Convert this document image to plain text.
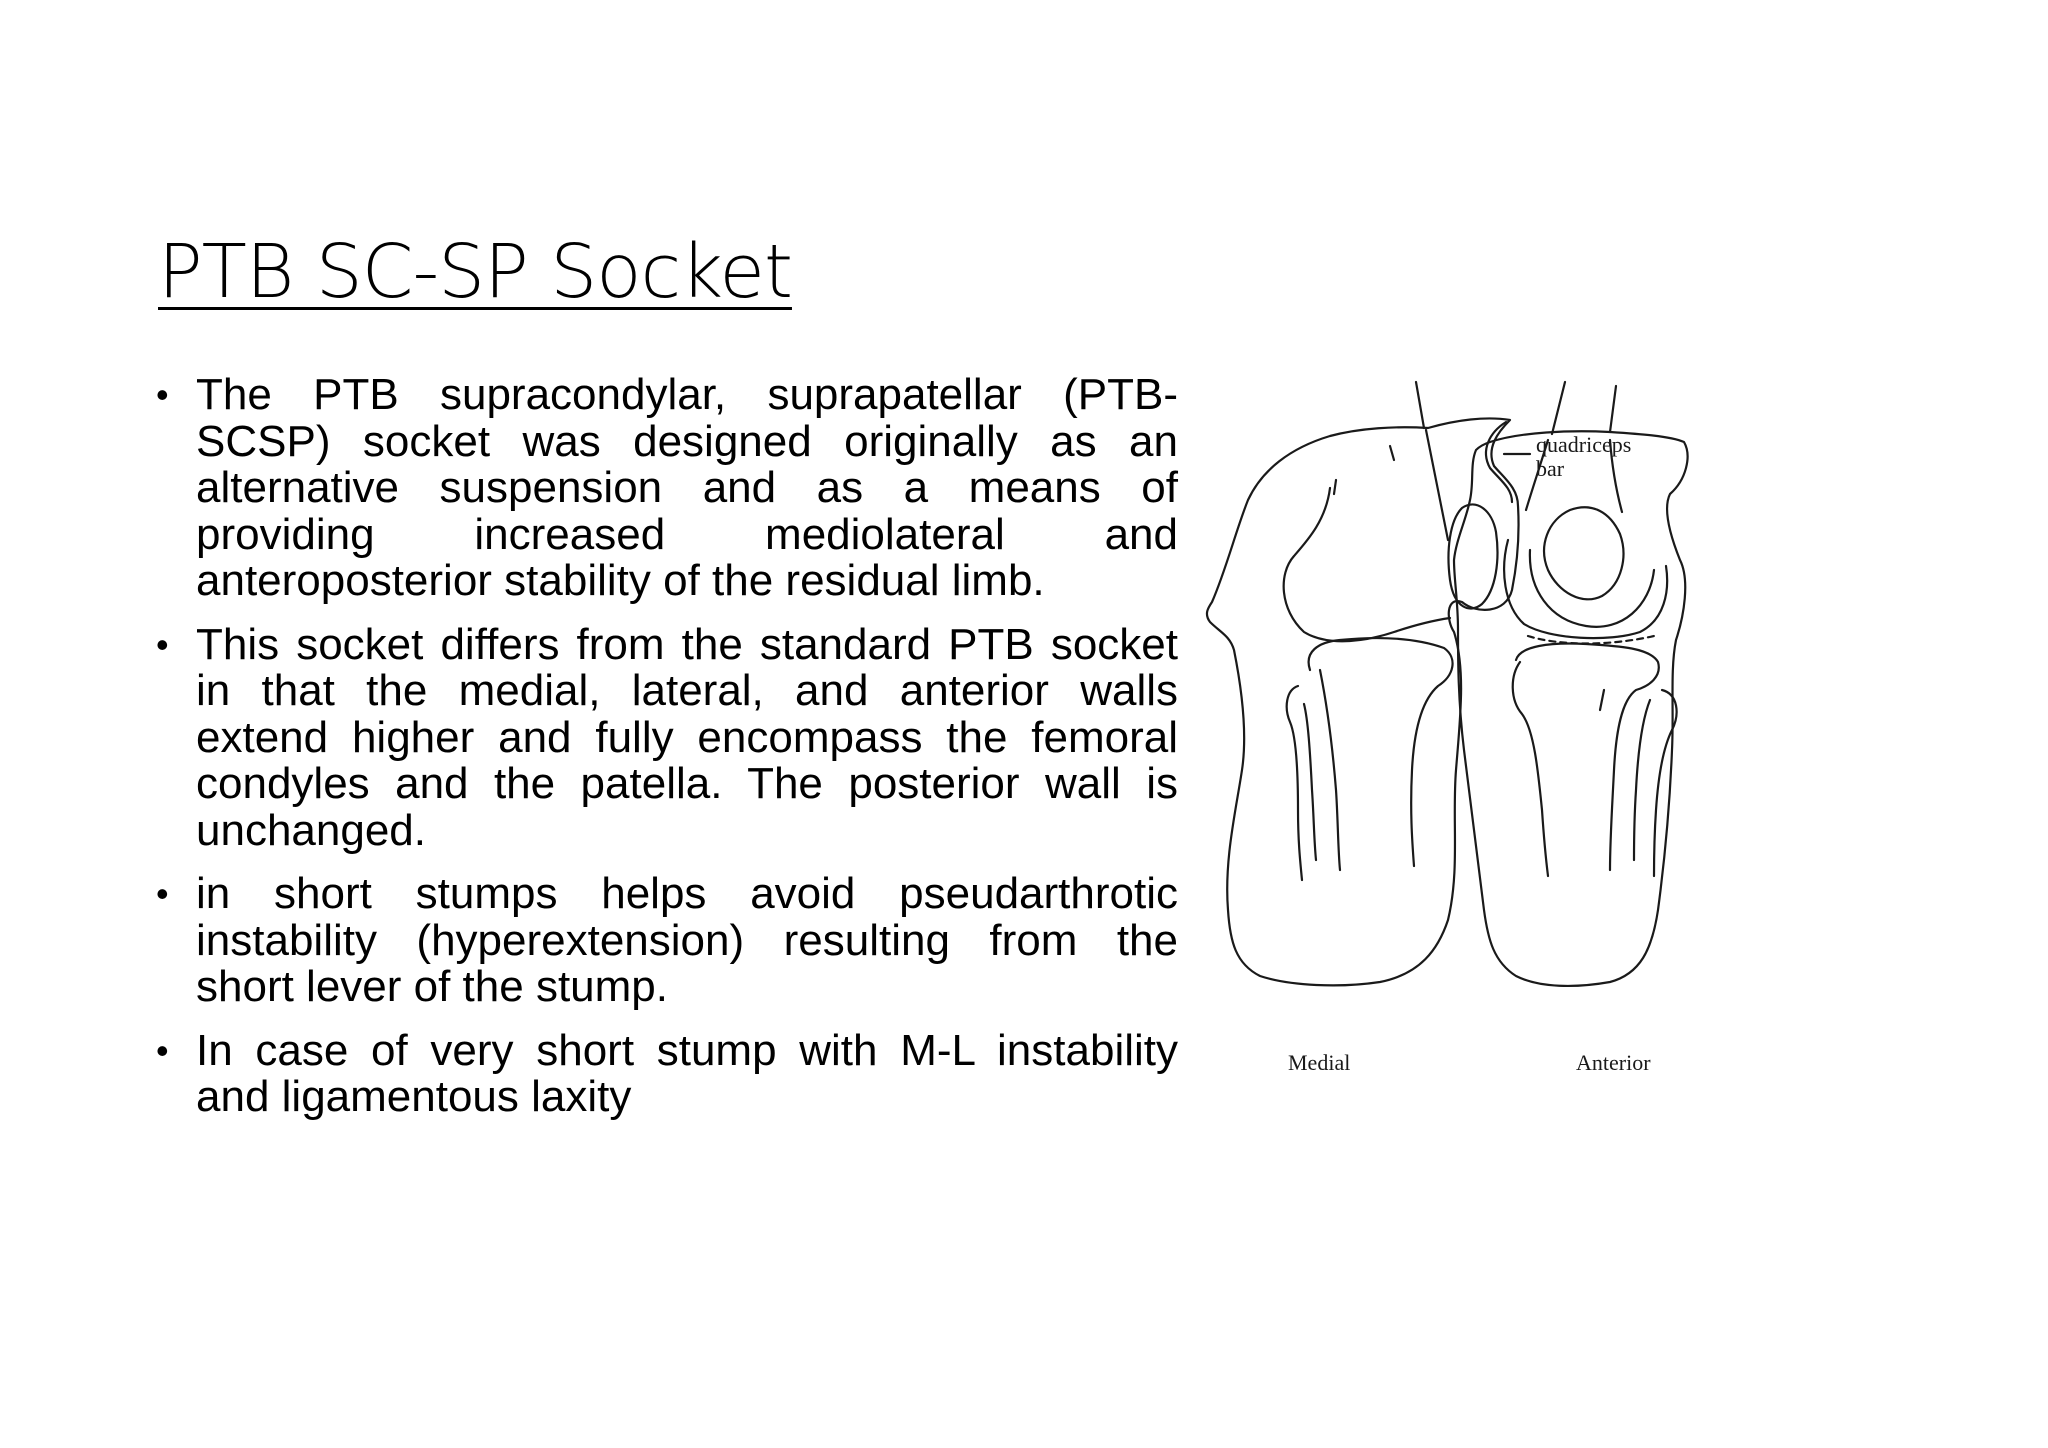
PTB SC-SP Socket
• The PTB supracondylar, suprapatellar (PTB-SCSP) socket was designed originally as an alternative suspension and as a means of providing increased mediolateral and anteroposterior stability of the residual limb.
• This socket differs from the standard PTB socket in that the medial, lateral, and anterior walls extend higher and fully encompass the femoral condyles and the patella. The posterior wall is unchanged.
• in short stumps helps avoid pseudarthrotic instability (hyperextension) resulting from the short lever of the stump.
• In case of very short stump with M-L instability and ligamentous laxity
quadriceps
bar
Medial	Anterior
